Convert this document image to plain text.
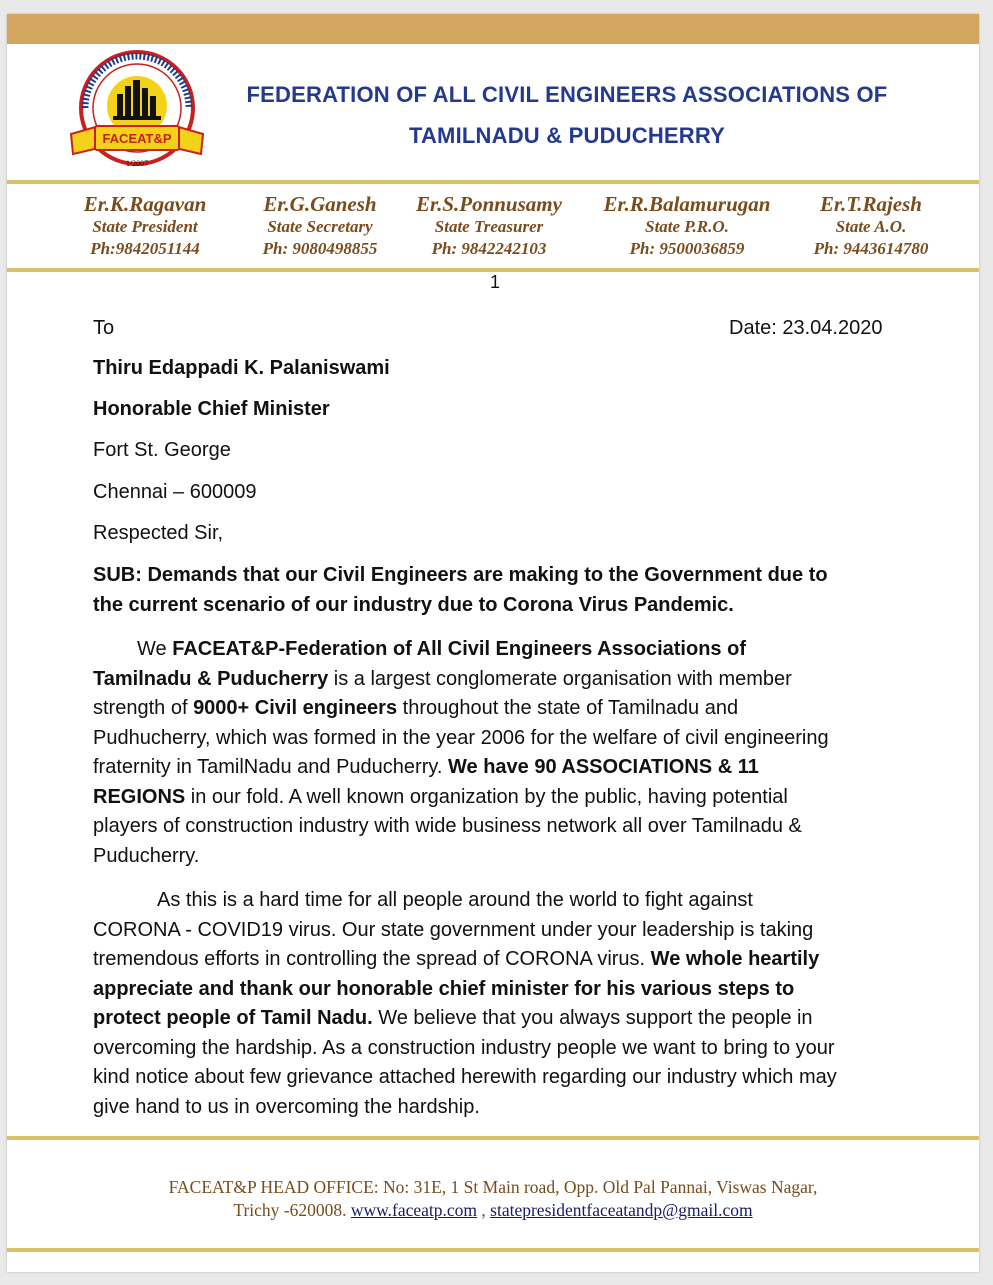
FACEAT&P
1/2007
FEDERATION OF ALL CIVIL ENGINEERS ASSOCIATIONS OF
TAMILNADU & PUDUCHERRY
Er.K.Ragavan
State President
Ph:9842051144
Er.G.Ganesh
State Secretary
Ph: 9080498855
Er.S.Ponnusamy
State Treasurer
Ph: 9842242103
Er.R.Balamurugan
State P.R.O.
Ph: 9500036859
Er.T.Rajesh
State A.O.
Ph: 9443614780
1
To	Date: 23.04.2020
Thiru Edappadi K. Palaniswami
Honorable Chief Minister
Fort St. George
Chennai – 600009
Respected Sir,
SUB: Demands that our Civil Engineers are making to the Government due to
the current scenario of our industry due to Corona Virus Pandemic.
We FACEAT&P-Federation of All Civil Engineers Associations of
Tamilnadu & Puducherry is a largest conglomerate organisation with member
strength of 9000+ Civil engineers throughout the state of Tamilnadu and
Pudhucherry, which was formed in the year 2006 for the welfare of civil engineering
fraternity in TamilNadu and Puducherry. We have 90 ASSOCIATIONS & 11
REGIONS in our fold. A well known organization by the public, having potential
players of construction industry with wide business network all over Tamilnadu &
Puducherry.
As this is a hard time for all people around the world to fight against
CORONA - COVID19 virus. Our state government under your leadership is taking
tremendous efforts in controlling the spread of CORONA virus. We whole heartily
appreciate and thank our honorable chief minister for his various steps to
protect people of Tamil Nadu. We believe that you always support the people in
overcoming the hardship. As a construction industry people we want to bring to your
kind notice about few grievance attached herewith regarding our industry which may
give hand to us in overcoming the hardship.
FACEAT&P HEAD OFFICE: No: 31E, 1 St Main road, Opp. Old Pal Pannai, Viswas Nagar,
Trichy -620008. www.faceatp.com , statepresidentfaceatandp@gmail.com
